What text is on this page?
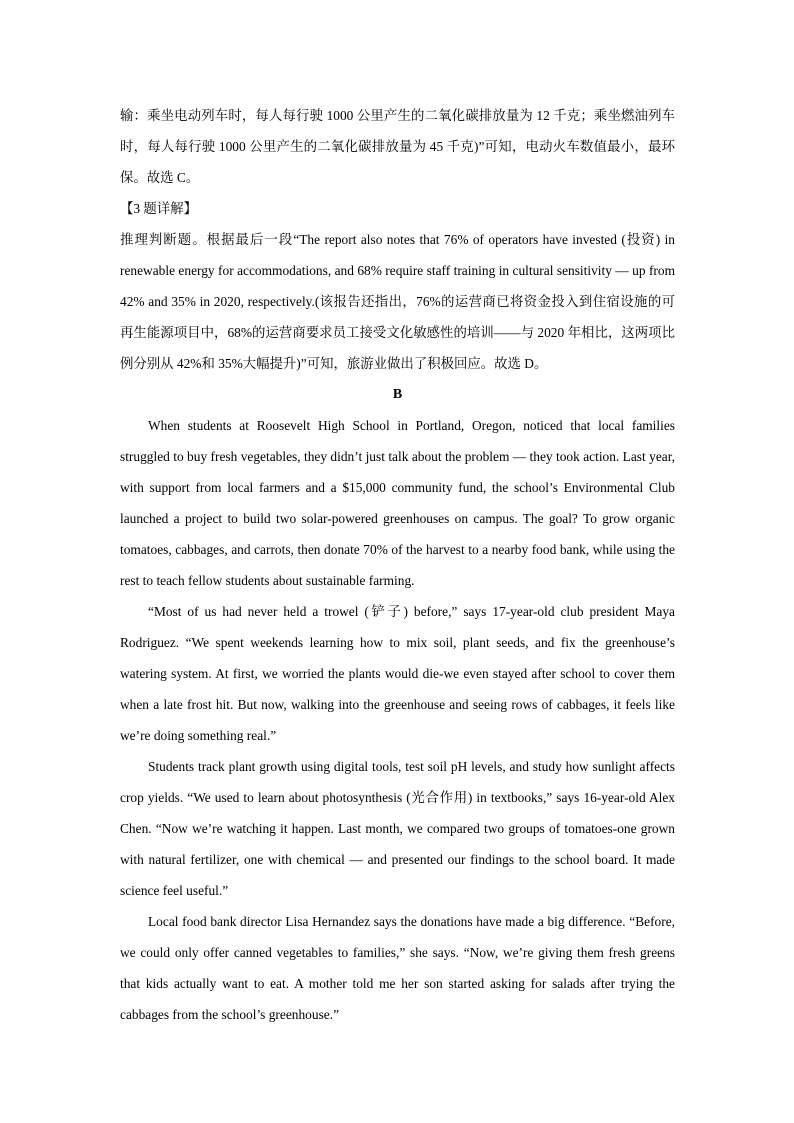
输：乘坐电动列车时，每人每行驶 1000 公里产生的二氧化碳排放量为 12 千克；乘坐燃油列车时，每人每行驶 1000 公里产生的二氧化碳排放量为 45 千克)”可知，电动火车数值最小，最环保。故选 C。

【3 题详解】

推理判断题。根据最后一段“The report also notes that 76% of operators have invested (投资) in renewable energy for accommodations, and 68% require staff training in cultural sensitivity — up from 42% and 35% in 2020, respectively.(该报告还指出，76%的运营商已将资金投入到住宿设施的可再生能源项目中，68%的运营商要求员工接受文化敏感性的培训——与 2020 年相比，这两项比例分别从 42%和 35%大幅提升)”可知，旅游业做出了积极回应。故选 D。

B

When students at Roosevelt High School in Portland, Oregon, noticed that local families struggled to buy fresh vegetables, they didn’t just talk about the problem — they took action. Last year, with support from local farmers and a $15,000 community fund, the school’s Environmental Club launched a project to build two solar-powered greenhouses on campus. The goal? To grow organic tomatoes, cabbages, and carrots, then donate 70% of the harvest to a nearby food bank, while using the rest to teach fellow students about sustainable farming.

“Most of us had never held a trowel (铲子) before,” says 17-year-old club president Maya Rodriguez. “We spent weekends learning how to mix soil, plant seeds, and fix the greenhouse’s watering system. At first, we worried the plants would die-we even stayed after school to cover them when a late frost hit. But now, walking into the greenhouse and seeing rows of cabbages, it feels like we’re doing something real.”

Students track plant growth using digital tools, test soil pH levels, and study how sunlight affects crop yields. “We used to learn about photosynthesis (光合作用) in textbooks,” says 16-year-old Alex Chen. “Now we’re watching it happen. Last month, we compared two groups of tomatoes-one grown with natural fertilizer, one with chemical — and presented our findings to the school board. It made science feel useful.”

Local food bank director Lisa Hernandez says the donations have made a big difference. “Before, we could only offer canned vegetables to families,” she says. “Now, we’re giving them fresh greens that kids actually want to eat. A mother told me her son started asking for salads after trying the cabbages from the school’s greenhouse.”
